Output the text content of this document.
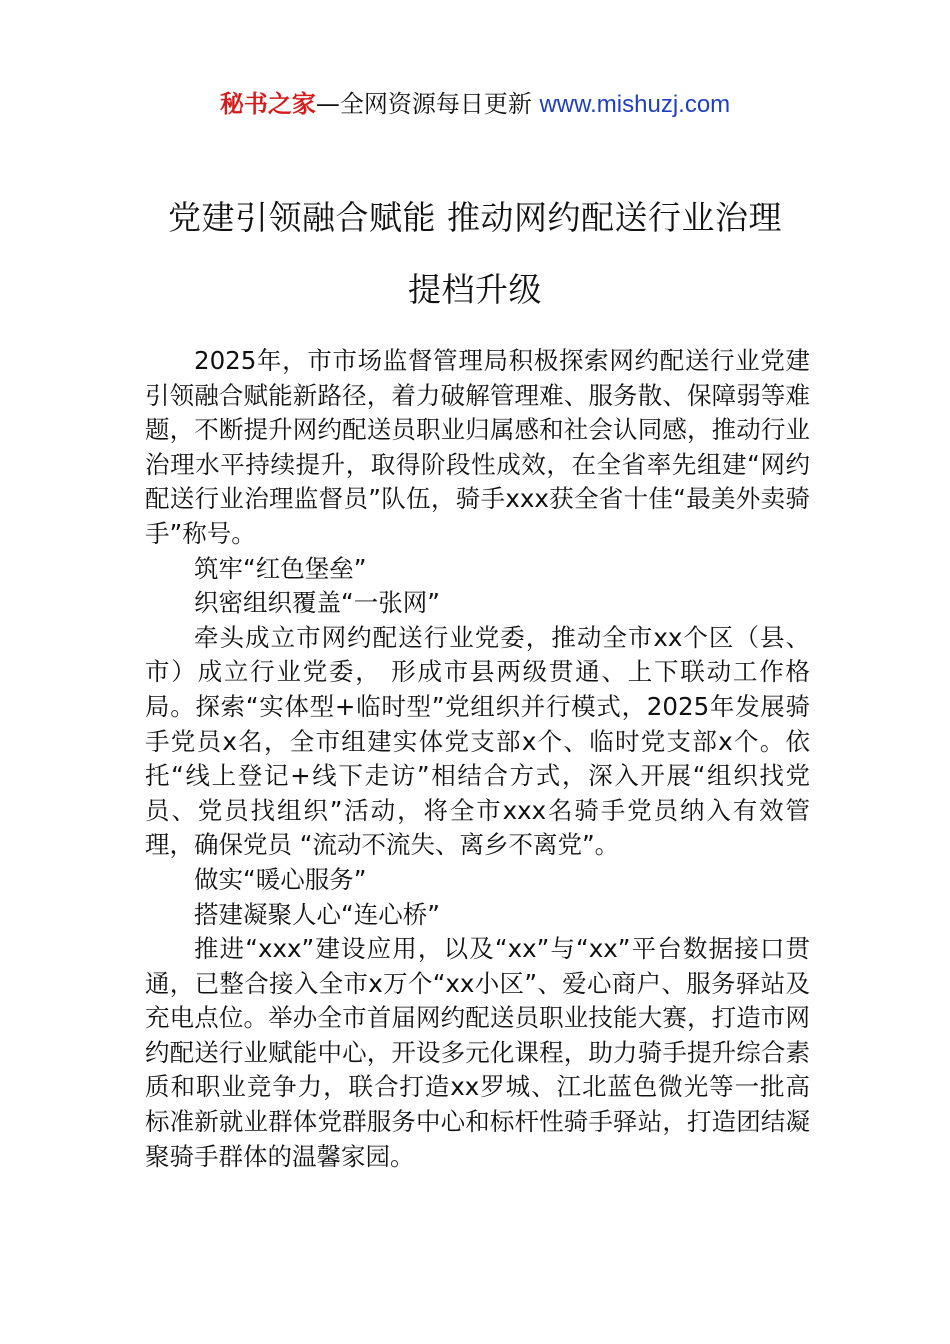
秘书之家—全网资源每日更新 www.mishuzj.com
党建引领融合赋能 推动网约配送行业治理
提档升级

2025年，市市场监督管理局积极探索网约配送行业党建引领融合赋能新路径，着力破解管理难、服务散、保障弱等难题，不断提升网约配送员职业归属感和社会认同感，推动行业治理水平持续提升，取得阶段性成效，在全省率先组建“网约配送行业治理监督员”队伍，骑手xxx获全省十佳“最美外卖骑手”称号。

筑牢“红色堡垒”

织密组织覆盖“一张网”

牵头成立市网约配送行业党委，推动全市xx个区（县、市）成立行业党委， 形成市县两级贯通、上下联动工作格局。探索“实体型+临时型”党组织并行模式，2025年发展骑手党员x名，全市组建实体党支部x个、临时党支部x个。依托“线上登记+线下走访”相结合方式，深入开展“组织找党员、党员找组织”活动，将全市xxx名骑手党员纳入有效管理，确保党员 “流动不流失、离乡不离党”。

做实“暖心服务”

搭建凝聚人心“连心桥”

推进“xxx”建设应用，以及“xx”与“xx”平台数据接口贯通，已整合接入全市x万个“xx小区”、爱心商户、服务驿站及充电点位。举办全市首届网约配送员职业技能大赛，打造市网约配送行业赋能中心，开设多元化课程，助力骑手提升综合素质和职业竞争力，联合打造xx罗城、江北蓝色微光等一批高标准新就业群体党群服务中心和标杆性骑手驿站，打造团结凝聚骑手群体的温馨家园。
